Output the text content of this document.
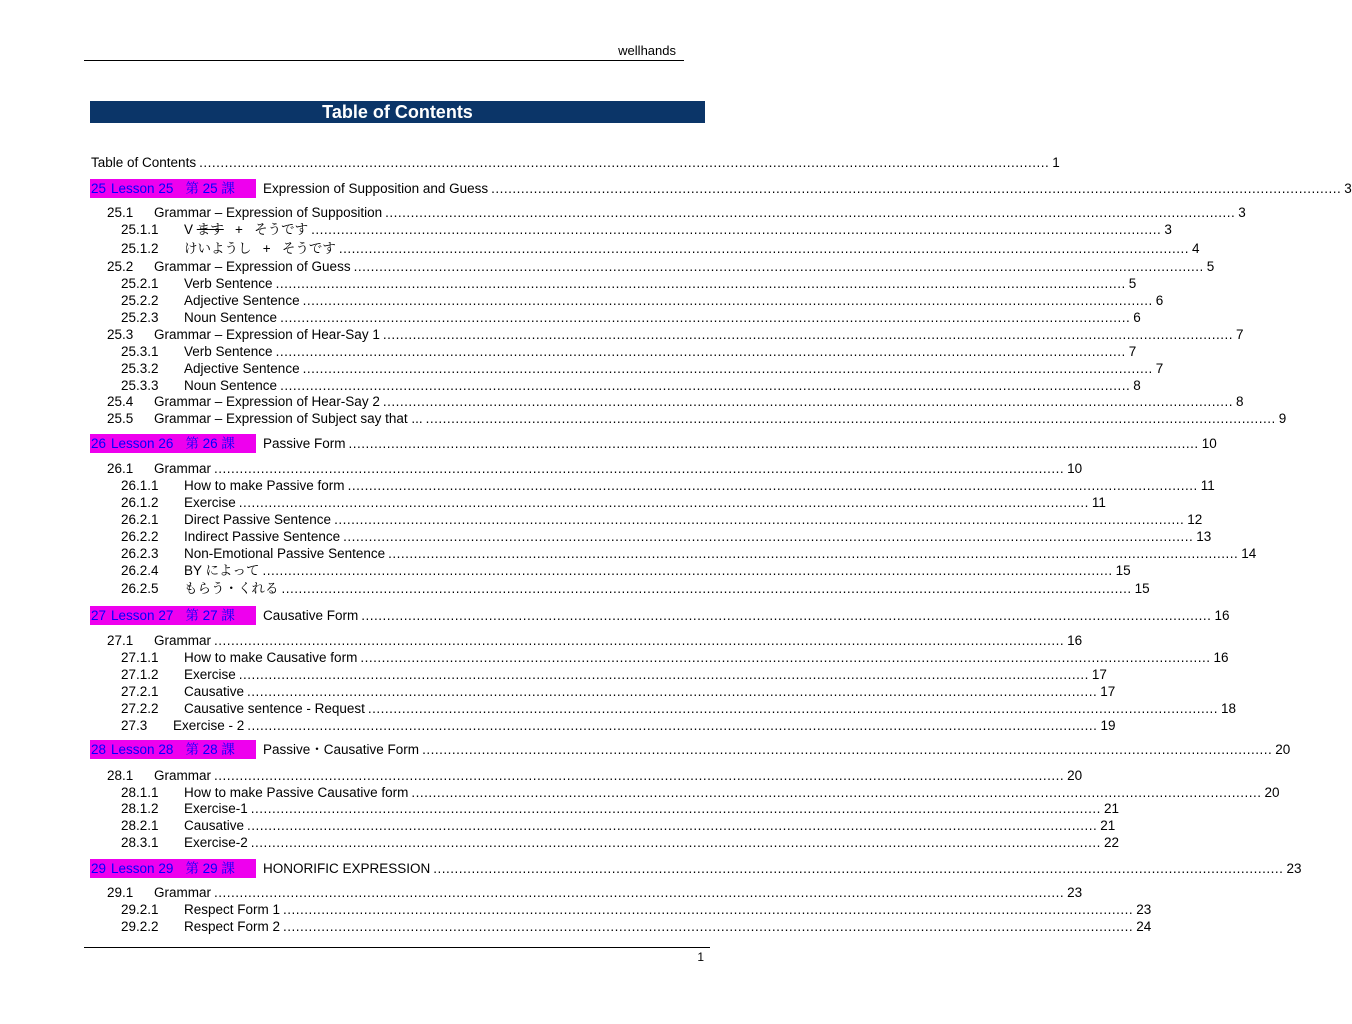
wellhands
Table of Contents
Table of Contents ........................................................................................................................................................................................................ 1
25 Lesson 25 第 25 課	Expression of Supposition and Guess ........................................................................................................................................................................................................ 3
25.1 Grammar – Expression of Supposition ........................................................................................................................................................................................................ 3
25.1.1 V ます   +   そうです ........................................................................................................................................................................................................ 3
25.1.2 けいようし   +   そうです ........................................................................................................................................................................................................ 4
25.2 Grammar – Expression of Guess ........................................................................................................................................................................................................ 5
25.2.1 Verb Sentence ........................................................................................................................................................................................................ 5
25.2.2 Adjective Sentence ........................................................................................................................................................................................................ 6
25.2.3 Noun Sentence ........................................................................................................................................................................................................ 6
25.3 Grammar – Expression of Hear-Say 1 ........................................................................................................................................................................................................ 7
25.3.1 Verb Sentence ........................................................................................................................................................................................................ 7
25.3.2 Adjective Sentence ........................................................................................................................................................................................................ 7
25.3.3 Noun Sentence ........................................................................................................................................................................................................ 8
25.4 Grammar – Expression of Hear-Say 2 ........................................................................................................................................................................................................ 8
25.5 Grammar – Expression of Subject say that ... ........................................................................................................................................................................................................ 9
26 Lesson 26 第 26 課	Passive Form ........................................................................................................................................................................................................ 10
26.1 Grammar ........................................................................................................................................................................................................ 10
26.1.1 How to make Passive form ........................................................................................................................................................................................................ 11
26.1.2 Exercise ........................................................................................................................................................................................................ 11
26.2.1 Direct Passive Sentence ........................................................................................................................................................................................................ 12
26.2.2 Indirect Passive Sentence ........................................................................................................................................................................................................ 13
26.2.3 Non-Emotional Passive Sentence ........................................................................................................................................................................................................ 14
26.2.4 BY によって ........................................................................................................................................................................................................ 15
26.2.5 もらう・くれる ........................................................................................................................................................................................................ 15
27 Lesson 27 第 27 課	Causative Form ........................................................................................................................................................................................................ 16
27.1 Grammar ........................................................................................................................................................................................................ 16
27.1.1 How to make Causative form ........................................................................................................................................................................................................ 16
27.1.2 Exercise ........................................................................................................................................................................................................ 17
27.2.1 Causative ........................................................................................................................................................................................................ 17
27.2.2 Causative sentence - Request ........................................................................................................................................................................................................ 18
27.3 Exercise - 2 ........................................................................................................................................................................................................ 19
28 Lesson 28 第 28 課	Passive・Causative Form ........................................................................................................................................................................................................ 20
28.1 Grammar ........................................................................................................................................................................................................ 20
28.1.1 How to make Passive Causative form ........................................................................................................................................................................................................ 20
28.1.2 Exercise-1 ........................................................................................................................................................................................................ 21
28.2.1 Causative ........................................................................................................................................................................................................ 21
28.3.1 Exercise-2 ........................................................................................................................................................................................................ 22
29 Lesson 29 第 29 課	HONORIFIC EXPRESSION ........................................................................................................................................................................................................ 23
29.1 Grammar ........................................................................................................................................................................................................ 23
29.2.1 Respect Form 1 ........................................................................................................................................................................................................ 23
29.2.2 Respect Form 2 ........................................................................................................................................................................................................ 24
1
